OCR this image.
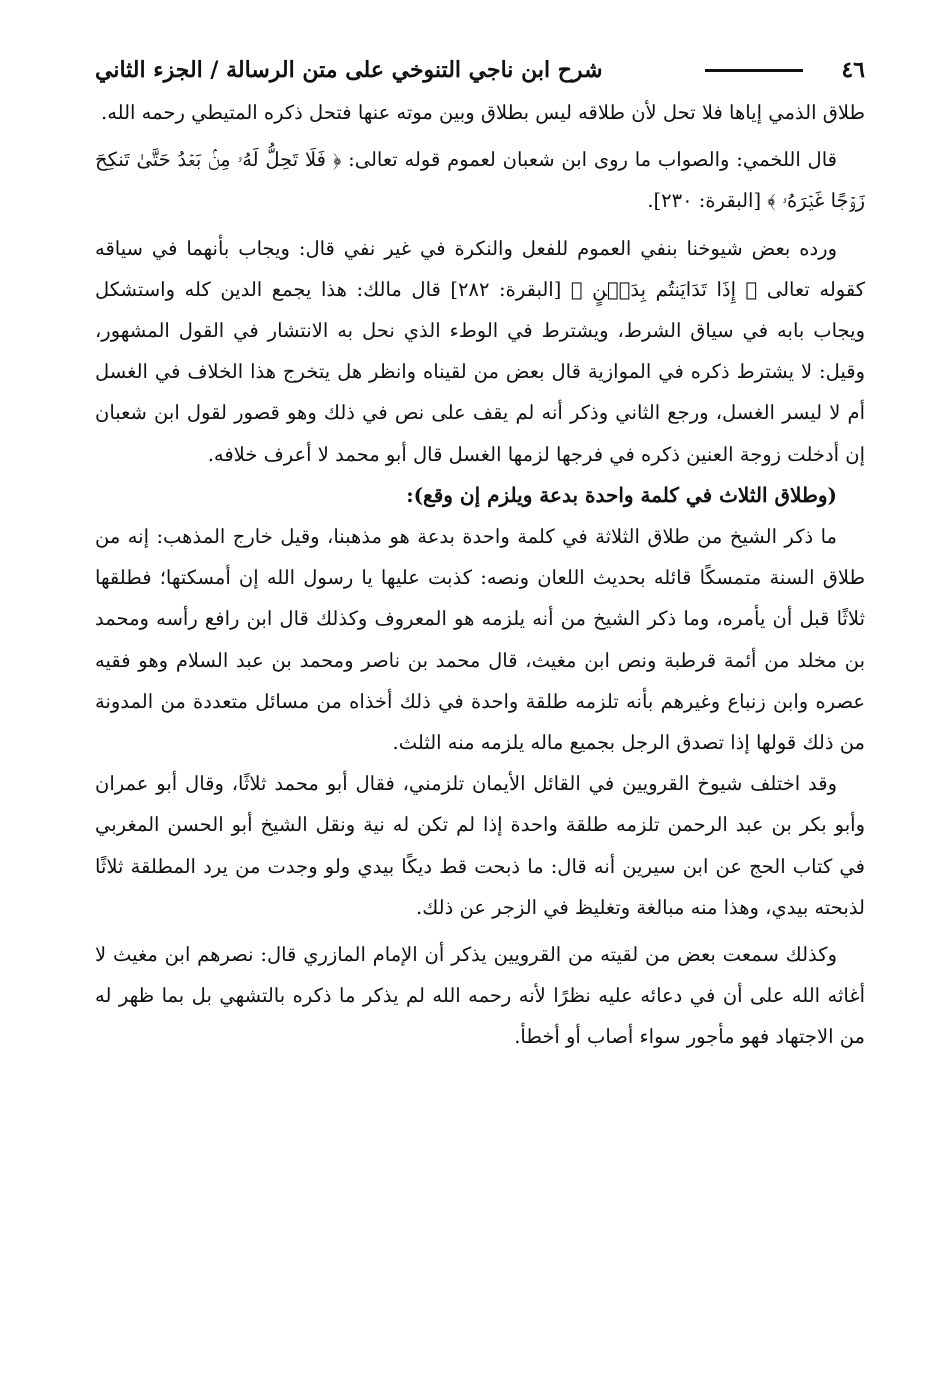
٤٦
شرح ابن ناجي التنوخي على متن الرسالة / الجزء الثاني

طلاق الذمي إياها فلا تحل لأن طلاقه ليس بطلاق وبين موته عنها فتحل ذكره المتيطي رحمه الله.

قال اللخمي: والصواب ما روى ابن شعبان لعموم قوله تعالى: ﴿ فَلَا تَحِلُّ لَهُۥ مِنۢ بَعۡدُ حَتَّىٰ تَنكِحَ زَوۡجًا غَيۡرَهُۥ ﴾ [البقرة: ٢٣٠].

ورده بعض شيوخنا بنفي العموم للفعل والنكرة في غير نفي قال: ويجاب بأنهما في سياقه كقوله تعالى ﴿ إِذَا تَدَايَنتُم بِدَيۡنٍ ﴾ [البقرة: ٢٨٢] قال مالك: هذا يجمع الدين كله واستشكل ويجاب بابه في سياق الشرط، ويشترط في الوطء الذي نحل به الانتشار في القول المشهور، وقيل: لا يشترط ذكره في الموازية قال بعض من لقيناه وانظر هل يتخرج هذا الخلاف في الغسل أم لا ليسر الغسل، ورجع الثاني وذكر أنه لم يقف على نص في ذلك وهو قصور لقول ابن شعبان إن أدخلت زوجة العنين ذكره في فرجها لزمها الغسل قال أبو محمد لا أعرف خلافه.

(وطلاق الثلاث في كلمة واحدة بدعة ويلزم إن وقع):

ما ذكر الشيخ من طلاق الثلاثة في كلمة واحدة بدعة هو مذهبنا، وقيل خارج المذهب: إنه من طلاق السنة متمسكًا قائله بحديث اللعان ونصه: كذبت عليها يا رسول الله إن أمسكتها؛ فطلقها ثلاثًا قبل أن يأمره، وما ذكر الشيخ من أنه يلزمه هو المعروف وكذلك قال ابن رافع رأسه ومحمد بن مخلد من أئمة قرطبة ونص ابن مغيث، قال محمد بن ناصر ومحمد بن عبد السلام وهو فقيه عصره وابن زنباع وغيرهم بأنه تلزمه طلقة واحدة في ذلك أخذاه من مسائل متعددة من المدونة من ذلك قولها إذا تصدق الرجل بجميع ماله يلزمه منه الثلث.

وقد اختلف شيوخ القرويين في القائل الأيمان تلزمني، فقال أبو محمد ثلاثًا، وقال أبو عمران وأبو بكر بن عبد الرحمن تلزمه طلقة واحدة إذا لم تكن له نية ونقل الشيخ أبو الحسن المغربي في كتاب الحج عن ابن سيرين أنه قال: ما ذبحت قط ديكًا بيدي ولو وجدت من يرد المطلقة ثلاثًا لذبحته بيدي، وهذا منه مبالغة وتغليظ في الزجر عن ذلك.

وكذلك سمعت بعض من لقيته من القرويين يذكر أن الإمام المازري قال: نصرهم ابن مغيث لا أغاثه الله على أن في دعائه عليه نظرًا لأنه رحمه الله لم يذكر ما ذكره بالتشهي بل بما ظهر له من الاجتهاد فهو مأجور سواء أصاب أو أخطأ.
